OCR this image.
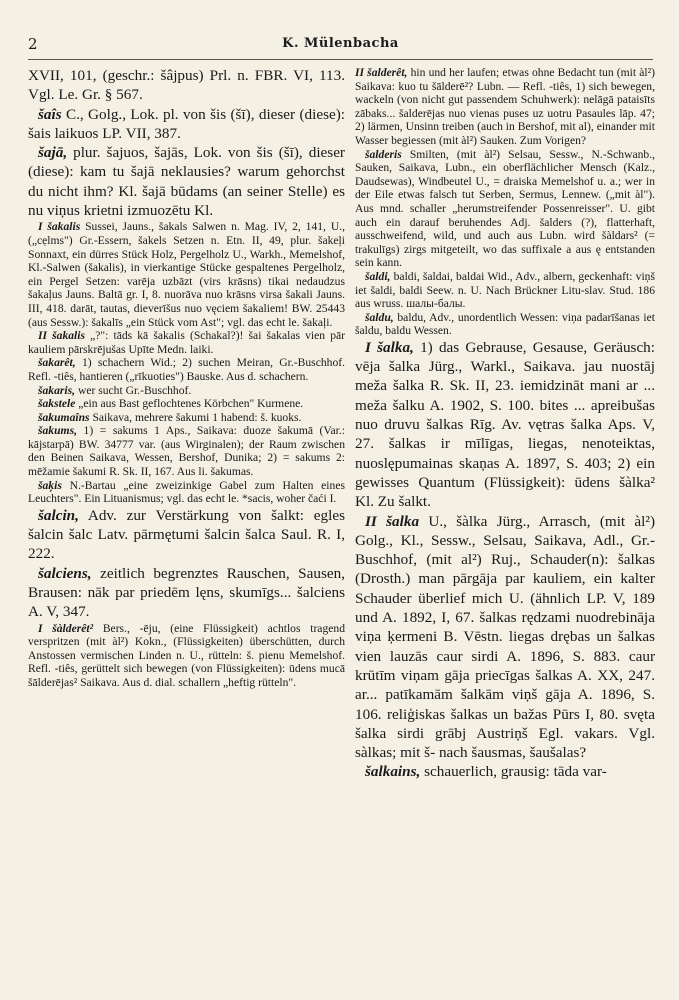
2	K. Mülenbacha

XVII, 101, (geschr.: šâjpus) Prl. n. FBR. VI, 113. Vgl. Le. Gr. § 567.

šaîs C., Golg., Lok. pl. von šis (šī), dieser (diese): šais laikuos LP. VII, 387.

šajā, plur. šajuos, šajās, Lok. von šis (šī), dieser (diese): kam tu šajā neklausies? warum gehorchst du nicht ihm? Kl. šajā būdams (an seiner Stelle) es nu viņus krietni izmuozētu Kl.

I šakalis Sussei, Jauns., šakals Salwen n. Mag. IV, 2, 141, U., („cẹlms") Gr.-Essern, šakels Setzen n. Etn. II, 49, plur. šakeļi Sonnaxt, ein dürres Stück Holz, Pergelholz U., Warkh., Memelshof, Kl.-Salwen (šakalis), in vierkantige Stücke gespaltenes Pergelholz, ein Pergel Setzen: varēja uzbāzt (virs krāsns) tikai nedaudzus šakaļus Jauns. Baltā gr. I, 8. nuorāva nuo krāsns virsa šakali Jauns. III, 418. darāt, tautas, dieverīšus nuo vęciem šakaliem! BW. 25443 (aus Sessw.): šakalīs „ein Stück vom Ast"; vgl. das echt le. šakaļi.

II šakalis „?": tāds kā šakalis (Schakal?)! šai šakalas vien pār kauliem pārskrējušas Upīte Medn. laiki.

šakarêt, 1) schachern Wid.; 2) suchen Meiran, Gr.-Buschhof. Refl. -tiês, hantieren („rīkuoties") Bauske. Aus d. schachern.

šakaris, wer sucht Gr.-Buschhof.

šakstele „ein aus Bast geflochtenes Körbchen" Kurmene.

šakumaîns Saikava, mehrere šakumi 1 habend: š. kuoks.

šakums, 1) = sakums 1 Aps., Saikava: duoze šakumā (Var.: kājstarpā) BW. 34777 var. (aus Wirginalen); der Raum zwischen den Beinen Saikava, Wessen, Bershof, Dunika; 2) = sakums 2: mēžamie šakumi R. Sk. II, 167. Aus li. šakumas.

šaķis N.-Bartau „eine zweizinkige Gabel zum Halten eines Leuchters". Ein Lituanismus; vgl. das echt le. *sacis, woher čaći I.

šalcin, Adv. zur Verstärkung von šalkt: egles šalcin šalc Latv. pārmętumi šalcin šalca Saul. R. I, 222.

šalciens, zeitlich begrenztes Rauschen, Sausen, Brausen: nāk par priedēm lęns, skumīgs... šalciens A. V, 347.

I šàlderêt² Bers., -ēju, (eine Flüssigkeit) achtlos tragend verspritzen (mit àl²) Kokn., (Flüssigkeiten) überschütten, durch Anstossen vermischen Linden n. U., rütteln: š. pienu Memelshof. Refl. -tiês, gerüttelt sich bewegen (von Flüssigkeiten): ūdens mucā šālderējas² Saikava. Aus d. dial. schallern „heftig rütteln".

II šalderêt, hin und her laufen; etwas ohne Bedacht tun (mit àl²) Saikava: kuo tu šālderē²? Lubn. — Refl. -tiês, 1) sich bewegen, wackeln (von nicht gut passendem Schuhwerk): nelāgā pataisīts zābaks... šalderējas nuo vienas puses uz uotru Pasaules lāp. 47; 2) lärmen, Unsinn treiben (auch in Bershof, mit al), einander mit Wasser begiessen (mit àl²) Sauken. Zum Vorigen?

šalderis Smilten, (mit àl²) Selsau, Sessw., N.-Schwanb., Sauken, Saikava, Lubn., ein oberflächlicher Mensch (Kalz., Daudsewas), Windbeutel U., = draiska Memelshof u. a.; wer in der Eile etwas falsch tut Serben, Sermus, Lennew. („mit àl"). Aus mnd. schaller „herumstreifender Possenreisser". U. gibt auch ein darauf beruhendes Adj. šalders (?), flatterhaft, ausschweifend, wild, und auch aus Lubn. wird šàldars² (= trakulīgs) zirgs mitgeteilt, wo das suffixale a aus ę entstanden sein kann.

šaldi, baldi, šaldai, baldai Wid., Adv., albern, geckenhaft: viņš iet šaldi, baldi Seew. n. U. Nach Brückner Litu-slav. Stud. 186 aus wruss. шалы-балы.

šaldu, baldu, Adv., unordentlich Wessen: viņa padarīšanas iet šaldu, baldu Wessen.

I šalka, 1) das Gebrause, Gesause, Geräusch: vēja šalka Jürg., Warkl., Saikava. jau nuostāj meža šalka R. Sk. II, 23. iemidzināt mani ar ... meža šalku A. 1902, S. 100. bites ... apreibušas nuo druvu šalkas Rīg. Av. vętras šalka Aps. V, 27. šalkas ir mīlīgas, liegas, nenoteiktas, nuoslępumainas skaņas A. 1897, S. 403; 2) ein gewisses Quantum (Flüssigkeit): ūdens šàlka² Kl. Zu šalkt.

II šalka U., šàlka Jürg., Arrasch, (mit àl²) Golg., Kl., Sessw., Selsau, Saikava, Adl., Gr.-Buschhof, (mit al²) Ruj., Schauder(n): šalkas (Drosth.) man pārgāja par kauliem, ein kalter Schauder überlief mich U. (ähnlich LP. V, 189 und A. 1892, I, 67. šalkas rędzami nuodrebināja viņa ķermeni B. Vēstn. liegas drębas un šalkas vien lauzās caur sirdi A. 1896, S. 883. caur krūtīm viņam gāja priecīgas šalkas A. XX, 247. ar... patīkamām šalkām viņš gāja A. 1896, S. 106. reliģiskas šalkas un bažas Pūrs I, 80. svęta šalka sirdi grābj Austriņš Egl. vakars. Vgl. sàlkas; mit š- nach šausmas, šaušalas?

šalkains, schauerlich, grausig: tāda var-
